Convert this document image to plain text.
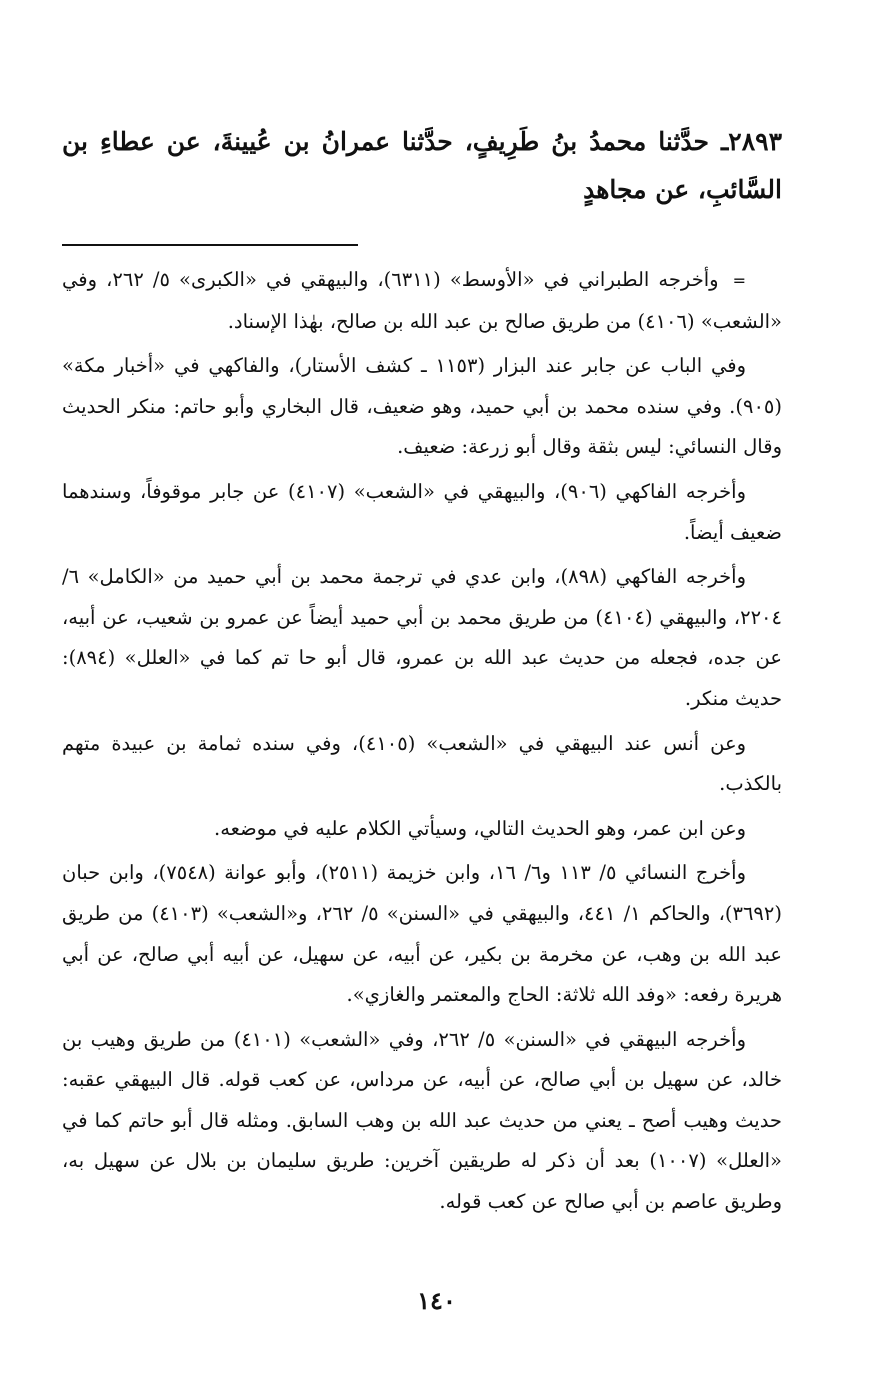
٢٨٩٣ـ حدَّثنا محمدُ بنُ طَرِيفٍ، حدَّثنا عمرانُ بن عُيينةَ، عن عطاءِ بن السَّائبِ، عن مجاهدٍ

=وأخرجه الطبراني في «الأوسط» (٦٣١١)، والبيهقي في «الكبرى» ٥/ ٢٦٢، وفي «الشعب» (٤١٠٦) من طريق صالح بن عبد الله بن صالح، بهٰذا الإسناد.

وفي الباب عن جابر عند البزار (١١٥٣ ـ كشف الأستار)، والفاكهي في «أخبار مكة» (٩٠٥). وفي سنده محمد بن أبي حميد، وهو ضعيف، قال البخاري وأبو حاتم: منكر الحديث وقال النسائي: ليس بثقة وقال أبو زرعة: ضعيف.

وأخرجه الفاكهي (٩٠٦)، والبيهقي في «الشعب» (٤١٠٧) عن جابر موقوفاً، وسندهما ضعيف أيضاً.

وأخرجه الفاكهي (٨٩٨)، وابن عدي في ترجمة محمد بن أبي حميد من «الكامل» ٦/ ٢٢٠٤، والبيهقي (٤١٠٤) من طريق محمد بن أبي حميد أيضاً عن عمرو بن شعيب، عن أبيه، عن جده، فجعله من حديث عبد الله بن عمرو، قال أبو حا تم كما في «العلل» (٨٩٤): حديث منكر.

وعن أنس عند البيهقي في «الشعب» (٤١٠٥)، وفي سنده ثمامة بن عبيدة متهم بالكذب.

وعن ابن عمر، وهو الحديث التالي، وسيأتي الكلام عليه في موضعه.

وأخرج النسائي ٥/ ١١٣ و٦/ ١٦، وابن خزيمة (٢٥١١)، وأبو عوانة (٧٥٤٨)، وابن حبان (٣٦٩٢)، والحاكم ١/ ٤٤١، والبيهقي في «السنن» ٥/ ٢٦٢، و«الشعب» (٤١٠٣) من طريق عبد الله بن وهب، عن مخرمة بن بكير، عن أبيه، عن سهيل، عن أبيه أبي صالح، عن أبي هريرة رفعه: «وفد الله ثلاثة: الحاج والمعتمر والغازي».

وأخرجه البيهقي في «السنن» ٥/ ٢٦٢، وفي «الشعب» (٤١٠١) من طريق وهيب بن خالد، عن سهيل بن أبي صالح، عن أبيه، عن مرداس، عن كعب قوله. قال البيهقي عقبه: حديث وهيب أصح ـ يعني من حديث عبد الله بن وهب السابق. ومثله قال أبو حاتم كما في «العلل» (١٠٠٧) بعد أن ذكر له طريقين آخرين: طريق سليمان بن بلال عن سهيل به، وطريق عاصم بن أبي صالح عن كعب قوله.

١٤٠
